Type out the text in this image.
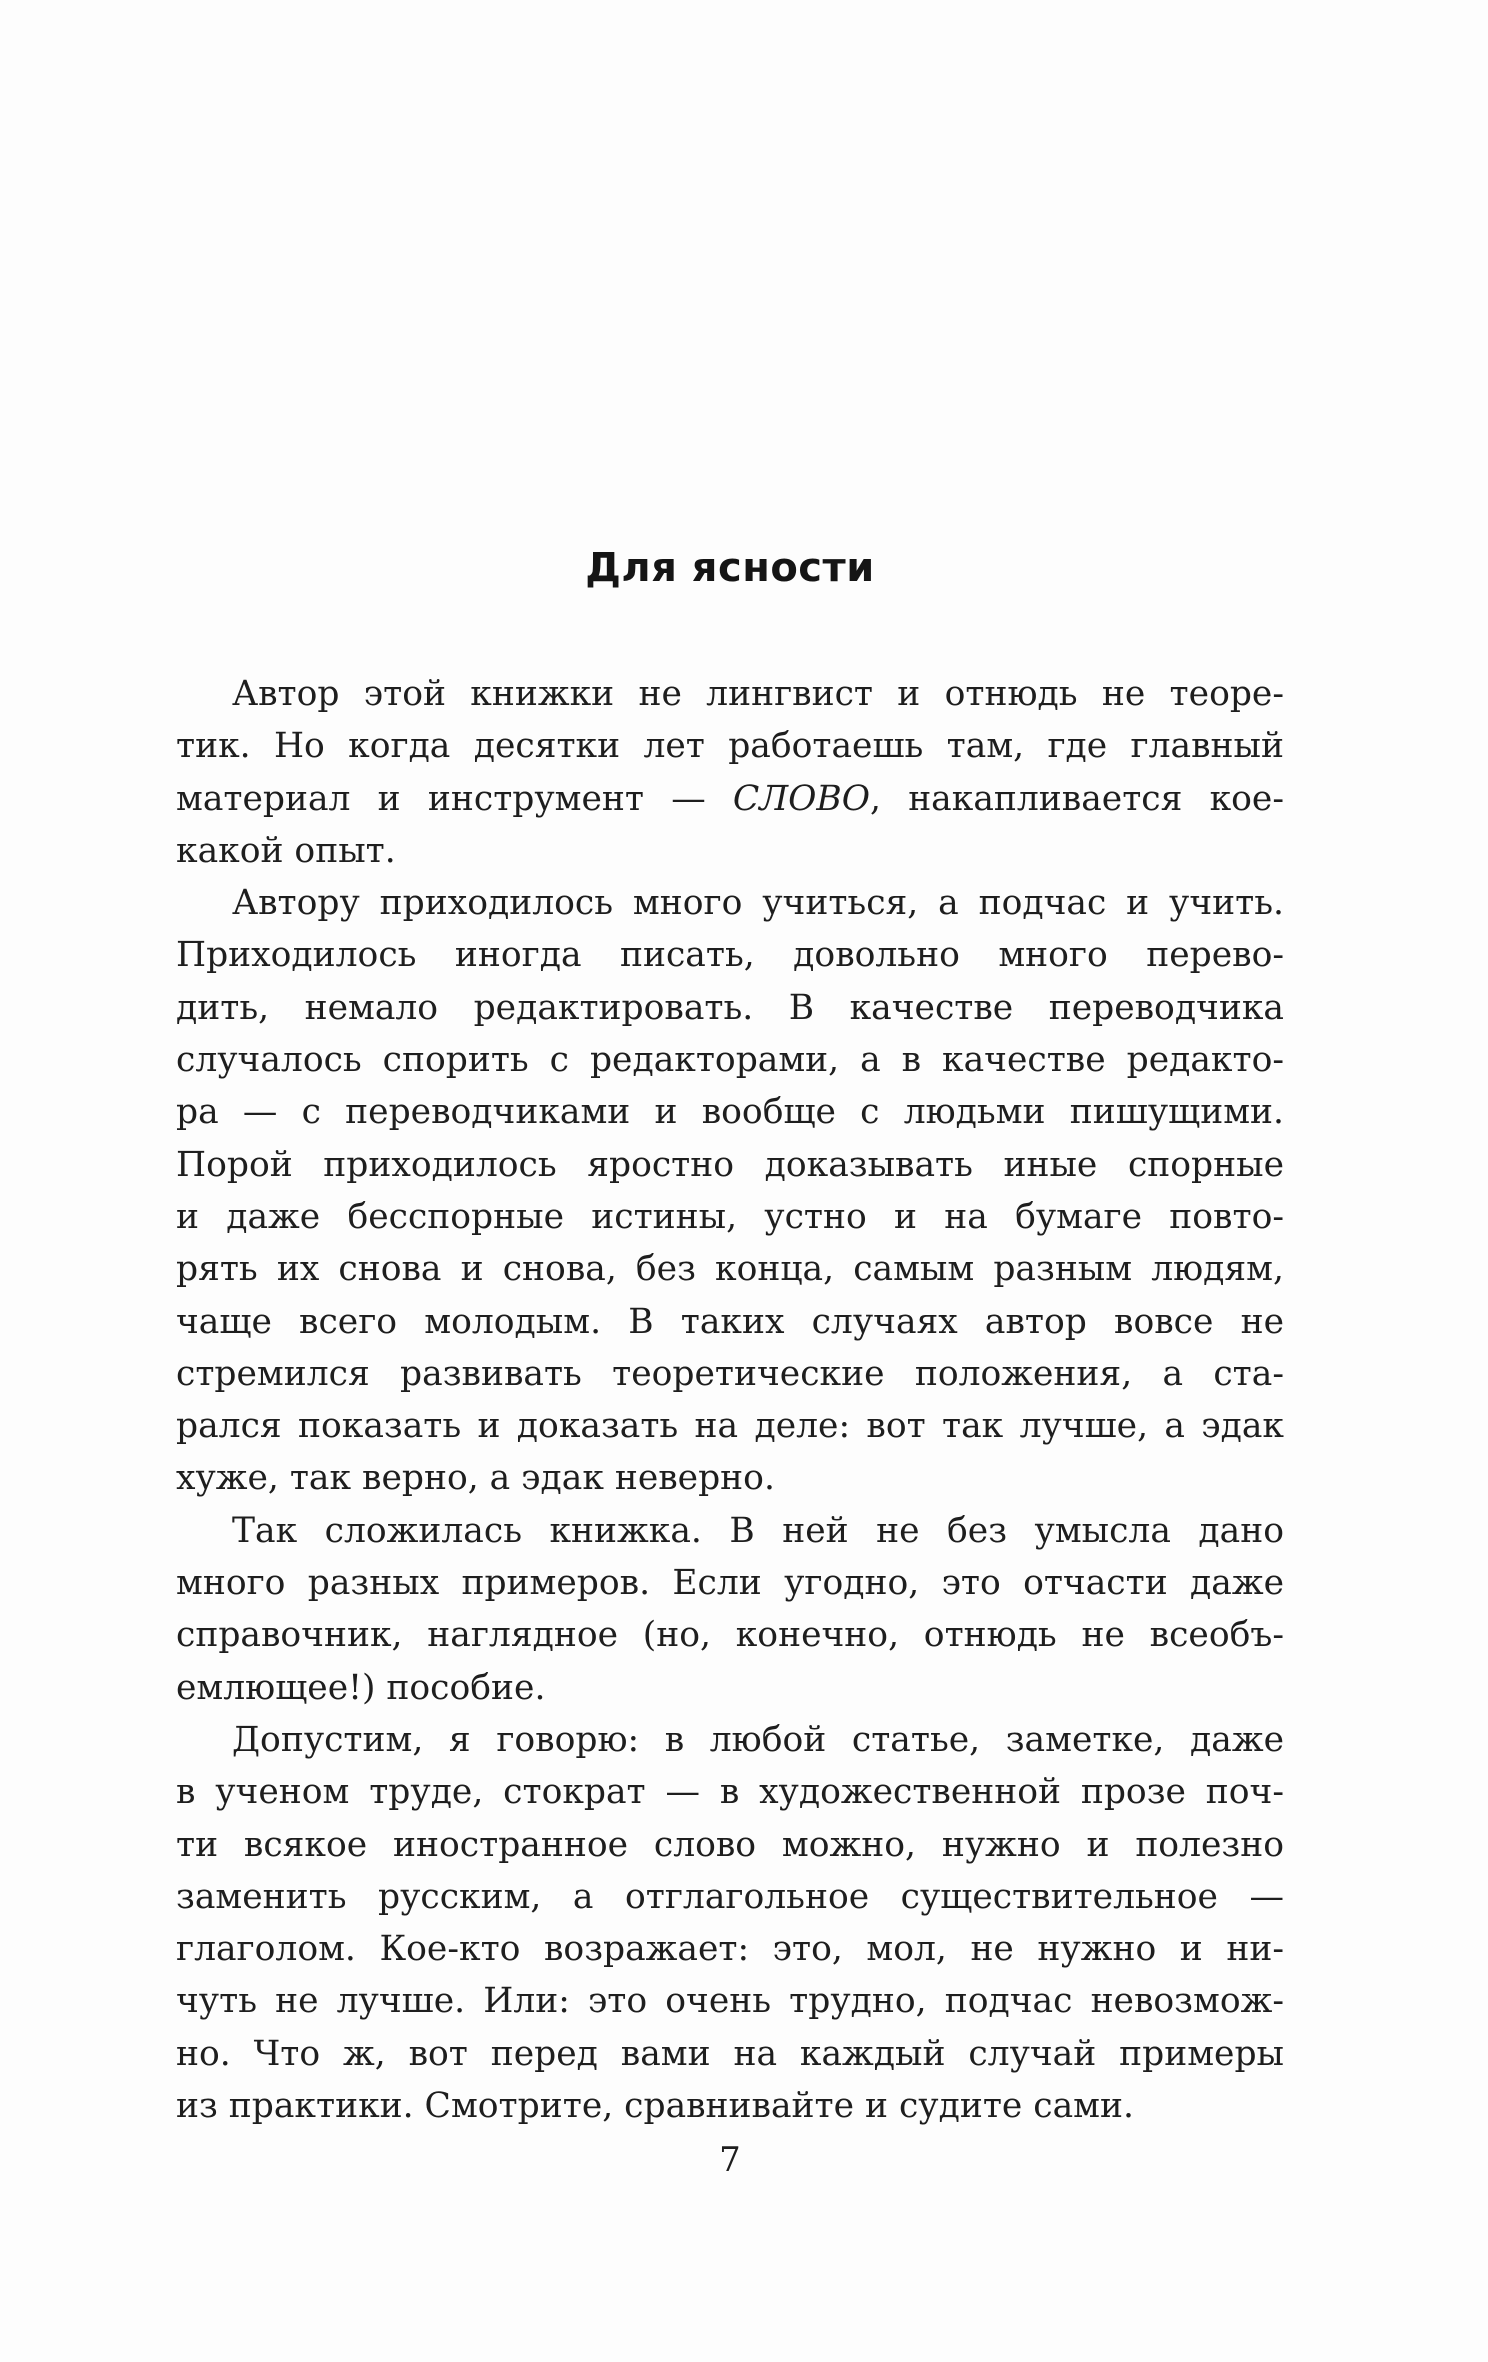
Для ясности
Автор этой книжки не лингвист и отнюдь не теоре-
тик. Но когда десятки лет работаешь там, где главный
материал и инструмент — СЛОВО, накапливается кое-
какой опыт.
Автору приходилось много учиться, а подчас и учить.
Приходилось иногда писать, довольно много перево-
дить, немало редактировать. В качестве переводчика
случалось спорить с редакторами, а в качестве редакто-
ра — с переводчиками и вообще с людьми пишущими.
Порой приходилось яростно доказывать иные спорные
и даже бесспорные истины, устно и на бумаге повто-
рять их снова и снова, без конца, самым разным людям,
чаще всего молодым. В таких случаях автор вовсе не
стремился развивать теоретические положения, а ста-
рался показать и доказать на деле: вот так лучше, а эдак
хуже, так верно, а эдак неверно.
Так сложилась книжка. В ней не без умысла дано
много разных примеров. Если угодно, это отчасти даже
справочник, наглядное (но, конечно, отнюдь не всеобъ-
емлющее!) пособие.
Допустим, я говорю: в любой статье, заметке, даже
в ученом труде, стократ — в художественной прозе поч-
ти всякое иностранное слово можно, нужно и полезно
заменить русским, а отглагольное существительное —
глаголом. Кое-кто возражает: это, мол, не нужно и ни-
чуть не лучше. Или: это очень трудно, подчас невозмож-
но. Что ж, вот перед вами на каждый случай примеры
из практики. Смотрите, сравнивайте и судите сами.
7
